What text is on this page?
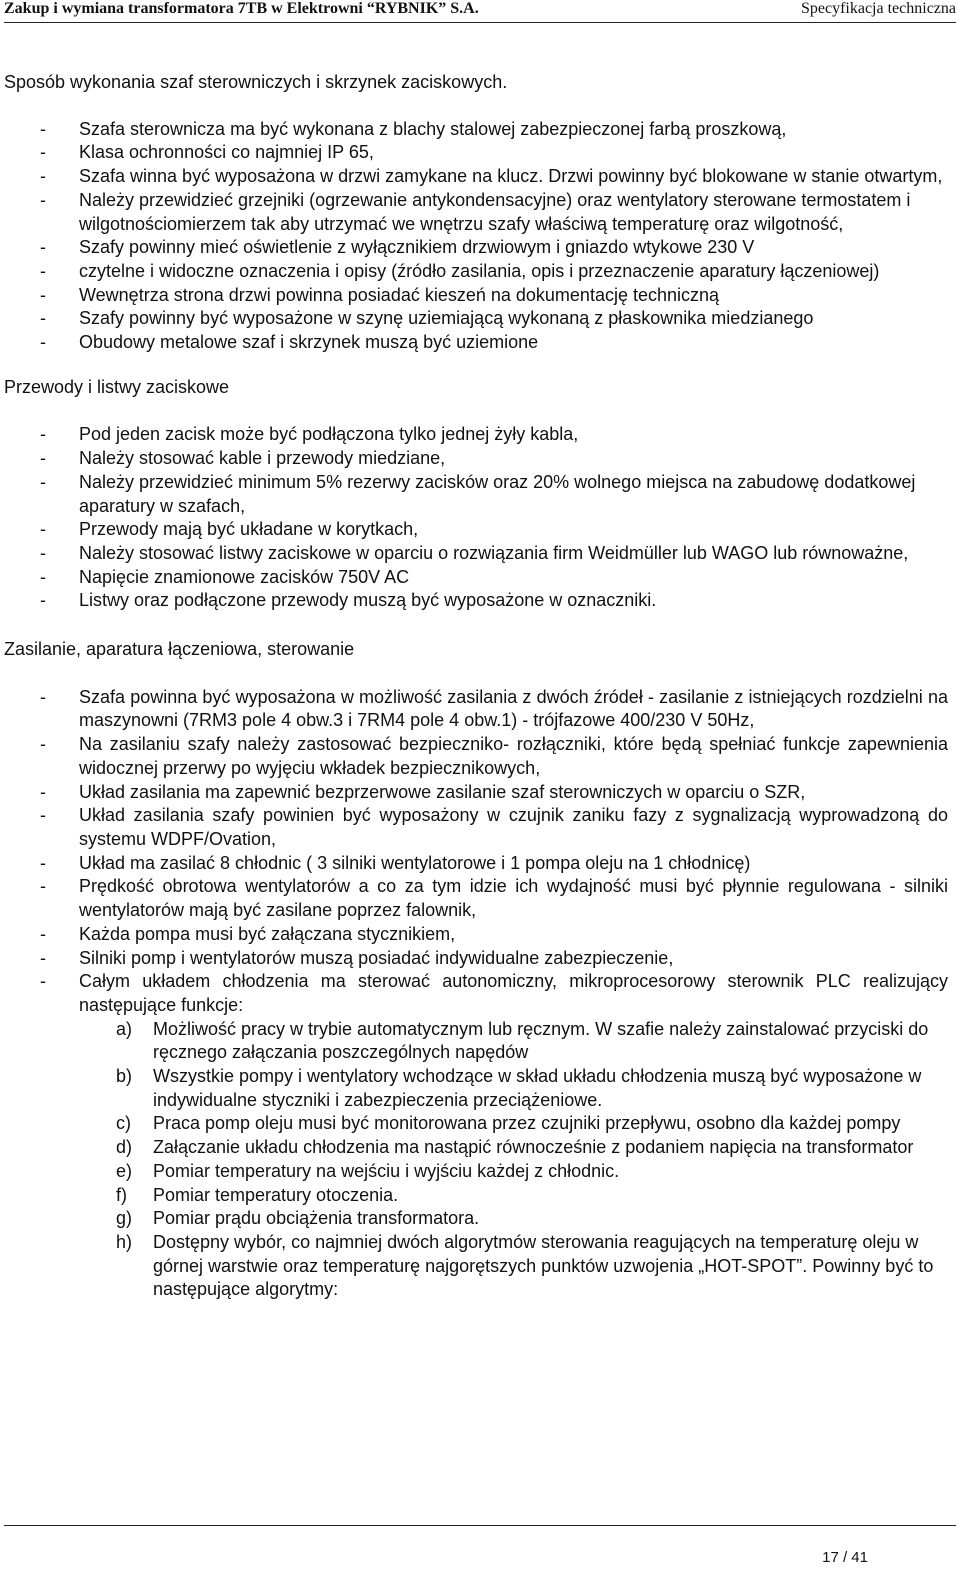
Zakup i wymiana transformatora 7TB w Elektrowni “RYBNIK” S.A.	Specyfikacja techniczna

Sposób wykonania szaf sterowniczych i skrzynek zaciskowych.

- Szafa sterownicza ma być wykonana z blachy stalowej zabezpieczonej farbą proszkową,
- Klasa ochronności co najmniej IP 65,
- Szafa winna być wyposażona w drzwi zamykane na klucz. Drzwi powinny być blokowane w stanie otwartym,
- Należy przewidzieć grzejniki (ogrzewanie antykondensacyjne) oraz wentylatory sterowane termostatem i wilgotnościomierzem tak aby utrzymać we wnętrzu szafy właściwą temperaturę oraz wilgotność,
- Szafy powinny mieć oświetlenie z wyłącznikiem drzwiowym i gniazdo wtykowe 230 V
- czytelne i widoczne oznaczenia i opisy (źródło zasilania, opis i przeznaczenie aparatury łączeniowej)
- Wewnętrza strona drzwi powinna posiadać kieszeń na dokumentację techniczną
- Szafy powinny być wyposażone w szynę uziemiającą wykonaną z płaskownika miedzianego
- Obudowy metalowe szaf i skrzynek muszą być uziemione

Przewody i listwy zaciskowe

- Pod jeden zacisk może być podłączona tylko jednej żyły kabla,
- Należy stosować kable i przewody miedziane,
- Należy przewidzieć minimum 5% rezerwy zacisków oraz 20% wolnego miejsca na zabudowę dodatkowej aparatury w szafach,
- Przewody mają być układane w korytkach,
- Należy stosować listwy zaciskowe w oparciu o rozwiązania firm Weidmüller lub WAGO lub równoważne,
- Napięcie znamionowe zacisków 750V AC
- Listwy oraz podłączone przewody muszą być wyposażone w oznaczniki.

Zasilanie, aparatura łączeniowa, sterowanie

- Szafa powinna być wyposażona w możliwość zasilania z dwóch źródeł - zasilanie z istniejących rozdzielni na maszynowni (7RM3 pole 4 obw.3 i 7RM4 pole 4 obw.1) - trójfazowe 400/230 V 50Hz,
- Na zasilaniu szafy należy zastosować bezpieczniko- rozłączniki, które będą spełniać funkcje zapewnienia widocznej przerwy po wyjęciu wkładek bezpiecznikowych,
- Układ zasilania ma zapewnić bezprzerwowe zasilanie szaf sterowniczych w oparciu o SZR,
- Układ zasilania szafy powinien być wyposażony w czujnik zaniku fazy z sygnalizacją wyprowadzoną do systemu WDPF/Ovation,
- Układ ma zasilać 8 chłodnic ( 3 silniki wentylatorowe i 1 pompa oleju na 1 chłodnicę)
- Prędkość obrotowa wentylatorów a co za tym idzie ich wydajność musi być płynnie regulowana - silniki wentylatorów mają być zasilane poprzez falownik,
- Każda pompa musi być załączana stycznikiem,
- Silniki pomp i wentylatorów muszą posiadać indywidualne zabezpieczenie,
- Całym układem chłodzenia ma sterować autonomiczny, mikroprocesorowy sterownik PLC realizujący następujące funkcje:
a) Możliwość pracy w trybie automatycznym lub ręcznym. W szafie należy zainstalować przyciski do ręcznego załączania poszczególnych napędów
b) Wszystkie pompy i wentylatory wchodzące w skład układu chłodzenia muszą być wyposażone w indywidualne styczniki i zabezpieczenia przeciążeniowe.
c) Praca pomp oleju musi być monitorowana przez czujniki przepływu, osobno dla każdej pompy
d) Załączanie układu chłodzenia ma nastąpić równocześnie z podaniem napięcia na transformator
e) Pomiar temperatury na wejściu i wyjściu każdej z chłodnic.
f) Pomiar temperatury otoczenia.
g) Pomiar prądu obciążenia transformatora.
h) Dostępny wybór, co najmniej dwóch algorytmów sterowania reagujących na temperaturę oleju w górnej warstwie oraz temperaturę najgorętszych punktów uzwojenia „HOT-SPOT”. Powinny być to następujące algorytmy:
17 / 41
